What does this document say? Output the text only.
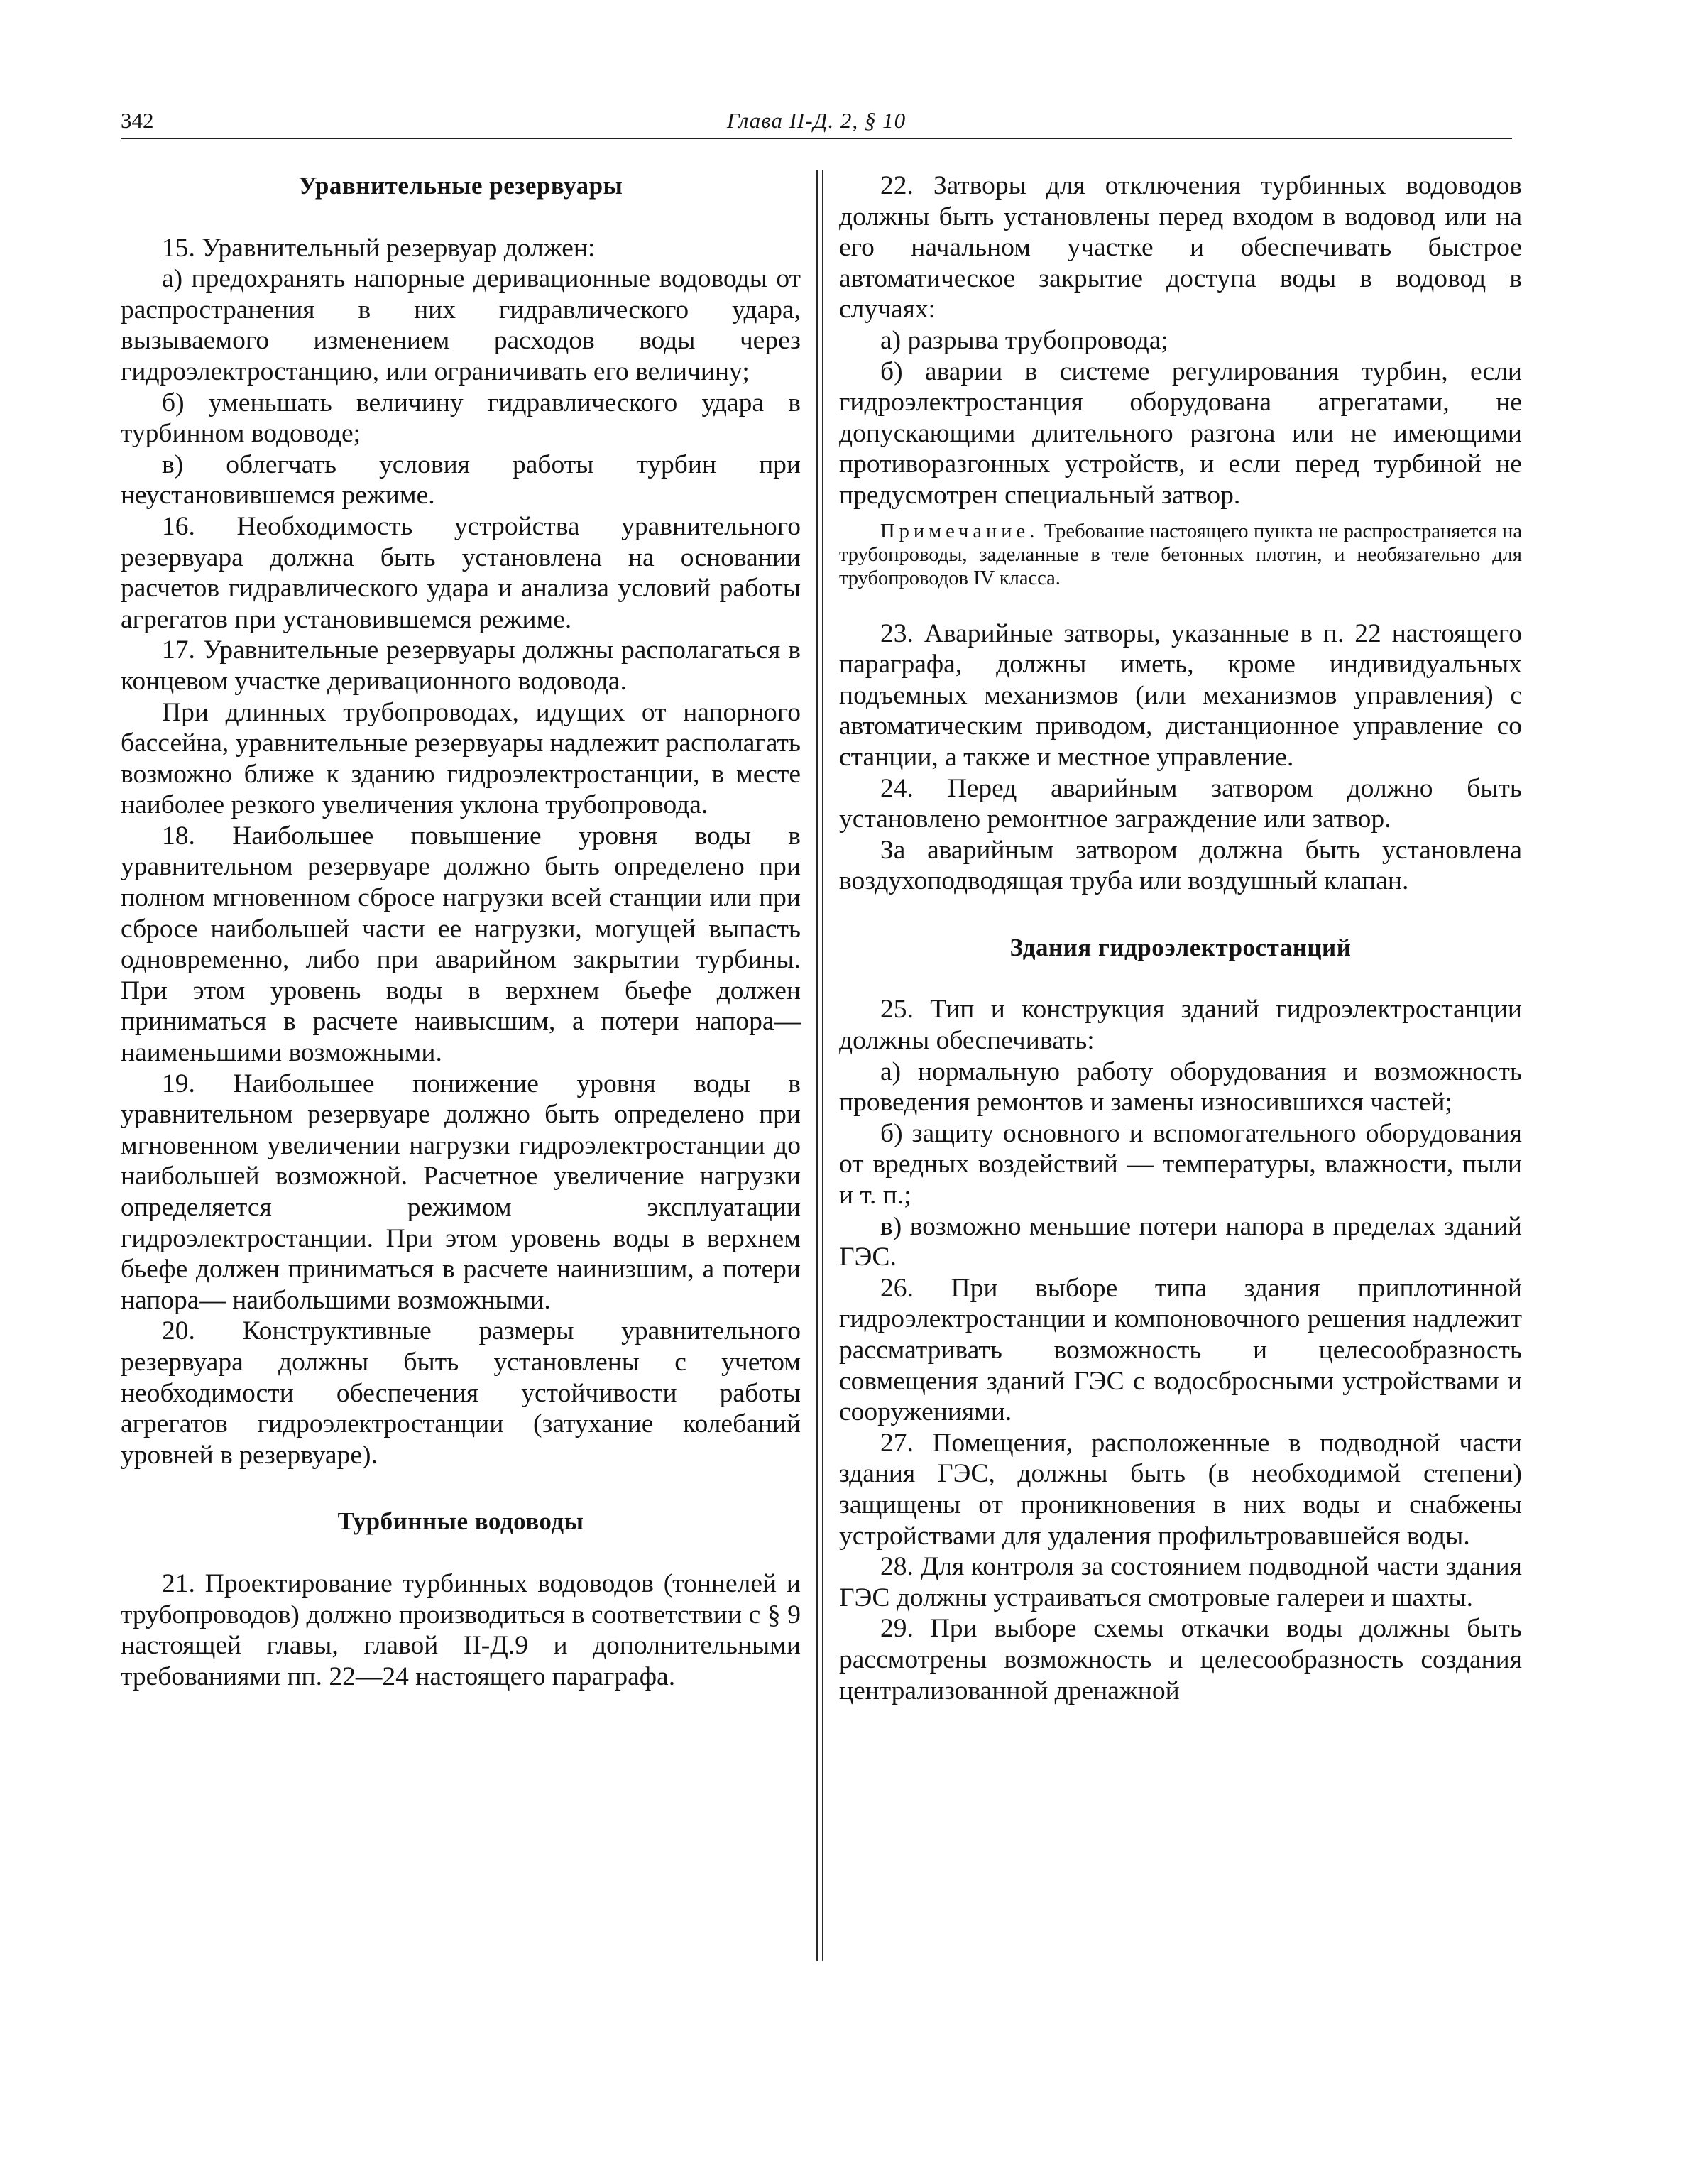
342	Глава II-Д. 2, § 10
Уравнительные резервуары

15. Уравнительный резервуар должен:

а) предохранять напорные деривационные водоводы от распространения в них гидравлического удара, вызываемого изменением расходов воды через гидроэлектростанцию, или ограничивать его величину;

б) уменьшать величину гидравлического удара в турбинном водоводе;

в) облегчать условия работы турбин при неустановившемся режиме.

16. Необходимость устройства уравнительного резервуара должна быть установлена на основании расчетов гидравлического удара и анализа условий работы агрегатов при установившемся режиме.

17. Уравнительные резервуары должны располагаться в концевом участке деривационного водовода.

При длинных трубопроводах, идущих от напорного бассейна, уравнительные резервуары надлежит располагать возможно ближе к зданию гидроэлектростанции, в месте наиболее резкого увеличения уклона трубопровода.

18. Наибольшее повышение уровня воды в уравнительном резервуаре должно быть определено при полном мгновенном сбросе нагрузки всей станции или при сбросе наибольшей части ее нагрузки, могущей выпасть одновременно, либо при аварийном закрытии турбины. При этом уровень воды в верхнем бьефе должен приниматься в расчете наивысшим, а потери напора— наименьшими возможными.

19. Наибольшее понижение уровня воды в уравнительном резервуаре должно быть определено при мгновенном увеличении нагрузки гидроэлектростанции до наибольшей возможной. Расчетное увеличение нагрузки определяется режимом эксплуатации гидроэлектростанции. При этом уровень воды в верхнем бьефе должен приниматься в расчете наинизшим, а потери напора— наибольшими возможными.

20. Конструктивные размеры уравнительного резервуара должны быть установлены с учетом необходимости обеспечения устойчивости работы агрегатов гидроэлектростанции (затухание колебаний уровней в резервуаре).

Турбинные водоводы

21. Проектирование турбинных водоводов (тоннелей и трубопроводов) должно производиться в соответствии с § 9 настоящей главы, главой II-Д.9 и дополнительными требованиями пп. 22—24 настоящего параграфа.

22. Затворы для отключения турбинных водоводов должны быть установлены перед входом в водовод или на его начальном участке и обеспечивать быстрое автоматическое закрытие доступа воды в водовод в случаях:

а) разрыва трубопровода;

б) аварии в системе регулирования турбин, если гидроэлектростанция оборудована агрегатами, не допускающими длительного разгона или не имеющими противоразгонных устройств, и если перед турбиной не предусмотрен специальный затвор.

Примечание. Требование настоящего пункта не распространяется на трубопроводы, заделанные в теле бетонных плотин, и необязательно для трубопроводов IV класса.

23. Аварийные затворы, указанные в п. 22 настоящего параграфа, должны иметь, кроме индивидуальных подъемных механизмов (или механизмов управления) с автоматическим приводом, дистанционное управление со станции, а также и местное управление.

24. Перед аварийным затвором должно быть установлено ремонтное заграждение или затвор.

За аварийным затвором должна быть установлена воздухоподводящая труба или воздушный клапан.

Здания гидроэлектростанций

25. Тип и конструкция зданий гидроэлектростанции должны обеспечивать:

а) нормальную работу оборудования и возможность проведения ремонтов и замены износившихся частей;

б) защиту основного и вспомогательного оборудования от вредных воздействий — температуры, влажности, пыли и т. п.;

в) возможно меньшие потери напора в пределах зданий ГЭС.

26. При выборе типа здания приплотинной гидроэлектростанции и компоновочного решения надлежит рассматривать возможность и целесообразность совмещения зданий ГЭС с водосбросными устройствами и сооружениями.

27. Помещения, расположенные в подводной части здания ГЭС, должны быть (в необходимой степени) защищены от проникновения в них воды и снабжены устройствами для удаления профильтровавшейся воды.

28. Для контроля за состоянием подводной части здания ГЭС должны устраиваться смотровые галереи и шахты.

29. При выборе схемы откачки воды должны быть рассмотрены возможность и целесообразность создания централизованной дренажной
